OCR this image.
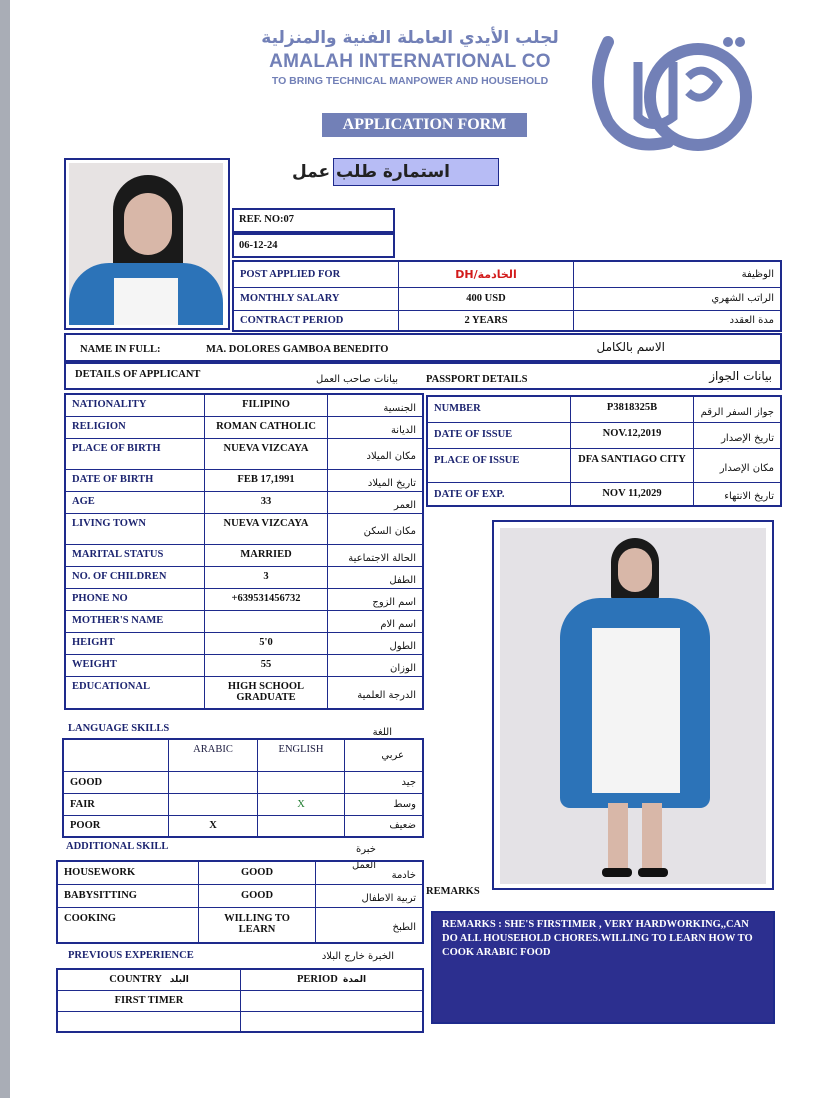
لجلب الأيدي العاملة الفنية والمنزلية
AMALAH INTERNATIONAL CO
TO BRING TECHNICAL MANPOWER AND HOUSEHOLD
APPLICATION FORM
استمارة طلب عمل
REF. NO:07
06-12-24
POST APPLIED FOR	DH/الخادمة	الوظيفة
MONTHLY SALARY	400 USD	الراتب الشهري
CONTRACT PERIOD	2 YEARS	مدة العقدد
NAME IN FULL:	MA. DOLORES GAMBOA BENEDITO	الاسم بالكامل
DETAILS OF APPLICANT	بيانات صاحب العمل	PASSPORT DETAILS	بيانات الجواز
NATIONALITY	FILIPINO	الجنسية
RELIGION	ROMAN CATHOLIC	الديانة
PLACE OF BIRTH	NUEVA VIZCAYA	مكان الميلاد
DATE OF BIRTH	FEB 17,1991	تاريخ الميلاد
AGE	33	العمر
LIVING TOWN	NUEVA VIZCAYA	مكان السكن
MARITAL STATUS	MARRIED	الحالة الاجتماعية
NO. OF CHILDREN	3	الطفل
PHONE NO	+639531456732	اسم الزوج
MOTHER'S NAME		اسم الام
HEIGHT	5'0	الطول
WEIGHT	55	الوزان
EDUCATIONAL	HIGH SCHOOL GRADUATE	الدرجة العلمية
NUMBER	P3818325B	جواز السفر الرقم
DATE OF ISSUE	NOV.12,2019	تاريخ الإصدار
PLACE OF ISSUE	DFA SANTIAGO CITY	مكان الإصدار
DATE OF EXP.	NOV 11,2029	تاريخ الانتهاء
LANGUAGE SKILLS	اللغة
	ARABIC	ENGLISH	عربي
GOOD			جيد
FAIR		X	وسط
POOR	X		ضعيف
ADDITIONAL SKILL	خبرة
العمل
HOUSEWORK	GOOD	خادمة
BABYSITTING	GOOD	تربية الاطفال
COOKING	WILLING TO LEARN	الطبخ
REMARKS
REMARKS : SHE'S FIRSTIMER , VERY HARDWORKING,,CAN DO ALL HOUSEHOLD CHORES.WILLING TO LEARN HOW TO COOK ARABIC FOOD
PREVIOUS EXPERIENCE	الخبرة خارج البلاد
COUNTRY البلد	PERIOD المدة
FIRST TIMER	
